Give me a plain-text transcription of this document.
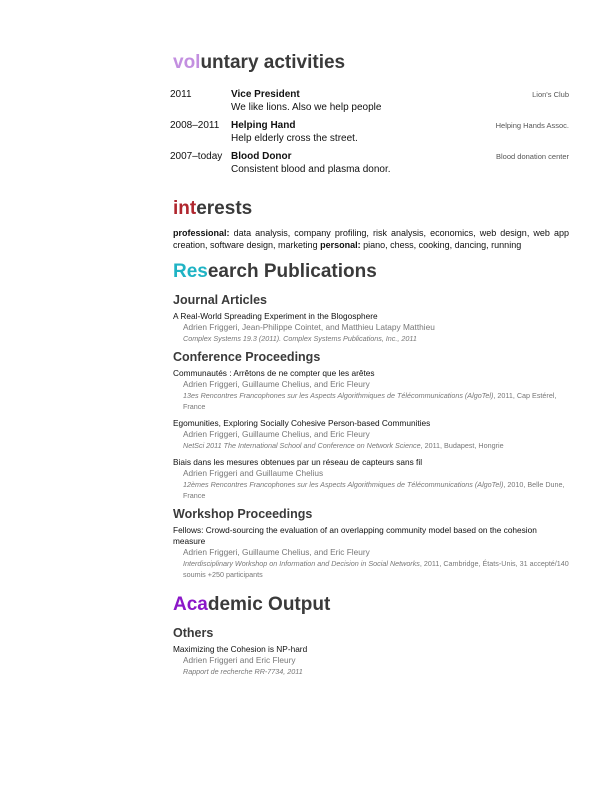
voluntary activities
2011	Vice President
We like lions. Also we help people
Lion's Club
2008–2011	Helping Hand
Help elderly cross the street.
Helping Hands Assoc.
2007–today Blood Donor
Consistent blood and plasma donor.
Blood donation center
interests

professional: data analysis, company profiling, risk analysis, economics, web design, web app creation, software design, marketing personal: piano, chess, cooking, dancing, running

Research Publications
Journal Articles
A Real-World Spreading Experiment in the Blogosphere
Adrien Friggeri, Jean-Philippe Cointet, and Matthieu Latapy Matthieu
Complex Systems 19.3 (2011). Complex Systems Publications, Inc., 2011
Conference Proceedings
Communautés : Arrêtons de ne compter que les arêtes
Adrien Friggeri, Guillaume Chelius, and Eric Fleury
13es Rencontres Francophones sur les Aspects Algorithmiques de Télécommunications (AlgoTel), 2011, Cap Estérel, France
Egomunities, Exploring Socially Cohesive Person-based Communities
Adrien Friggeri, Guillaume Chelius, and Eric Fleury
NetSci 2011 The International School and Conference on Network Science, 2011, Budapest, Hongrie
Biais dans les mesures obtenues par un réseau de capteurs sans fil
Adrien Friggeri and Guillaume Chelius
12èmes Rencontres Francophones sur les Aspects Algorithmiques de Télécommunications (AlgoTel), 2010, Belle Dune, France
Workshop Proceedings
Fellows: Crowd-sourcing the evaluation of an overlapping community model based on the cohesion measure
Adrien Friggeri, Guillaume Chelius, and Eric Fleury
Interdisciplinary Workshop on Information and Decision in Social Networks, 2011, Cambridge, États-Unis, 31 accepté/140 soumis +250 participants
Academic Output
Others
Maximizing the Cohesion is NP-hard
Adrien Friggeri and Eric Fleury
Rapport de recherche RR-7734, 2011
